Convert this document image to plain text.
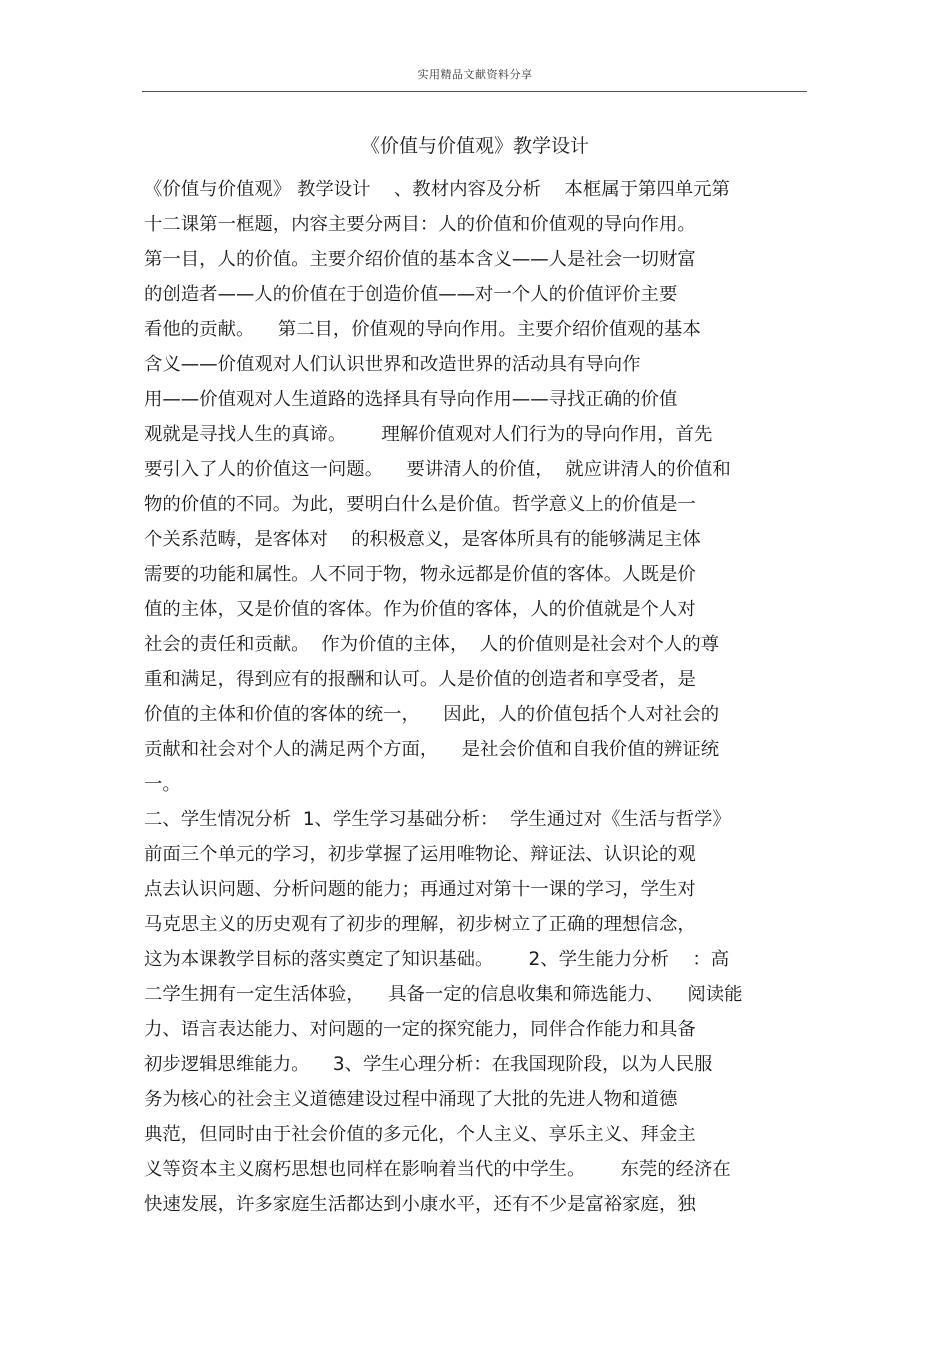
实用精品文献资料分享
《价值与价值观》教学设计
《价值与价值观》 教学设计    、教材内容及分析    本框属于第四单元第
十二课第一框题，内容主要分两目：人的价值和价值观的导向作用。
第一目，人的价值。主要介绍价值的基本含义——人是社会一切财富
的创造者——人的价值在于创造价值——对一个人的价值评价主要
看他的贡献。    第二目，价值观的导向作用。主要介绍价值观的基本
含义——价值观对人们认识世界和改造世界的活动具有导向作
用——价值观对人生道路的选择具有导向作用——寻找正确的价值
观就是寻找人生的真谛。      理解价值观对人们行为的导向作用，首先
要引入了人的价值这一问题。    要讲清人的价值，  就应讲清人的价值和
物的价值的不同。为此，要明白什么是价值。哲学意义上的价值是一
个关系范畴，是客体对    的积极意义，是客体所具有的能够满足主体
需要的功能和属性。人不同于物，物永远都是价值的客体。人既是价
值的主体，又是价值的客体。作为价值的客体，人的价值就是个人对
社会的责任和贡献。  作为价值的主体，  人的价值则是社会对个人的尊
重和满足，得到应有的报酬和认可。人是价值的创造者和享受者，是
价值的主体和价值的客体的统一，    因此，人的价值包括个人对社会的
贡献和社会对个人的满足两个方面，    是社会价值和自我价值的辨证统
一。
二、学生情况分析  1、学生学习基础分析：  学生通过对《生活与哲学》
前面三个单元的学习，初步掌握了运用唯物论、辩证法、认识论的观
点去认识问题、分析问题的能力；再通过对第十一课的学习，学生对
马克思主义的历史观有了初步的理解，初步树立了正确的理想信念，
这为本课教学目标的落实奠定了知识基础。      2、学生能力分析    ：高
二学生拥有一定生活体验，    具备一定的信息收集和筛选能力、    阅读能
力、语言表达能力、对问题的一定的探究能力，同伴合作能力和具备
初步逻辑思维能力。    3、学生心理分析：在我国现阶段，以为人民服
务为核心的社会主义道德建设过程中涌现了大批的先进人物和道德
典范，但同时由于社会价值的多元化，个人主义、享乐主义、拜金主
义等资本主义腐朽思想也同样在影响着当代的中学生。      东莞的经济在
快速发展，许多家庭生活都达到小康水平，还有不少是富裕家庭，独
